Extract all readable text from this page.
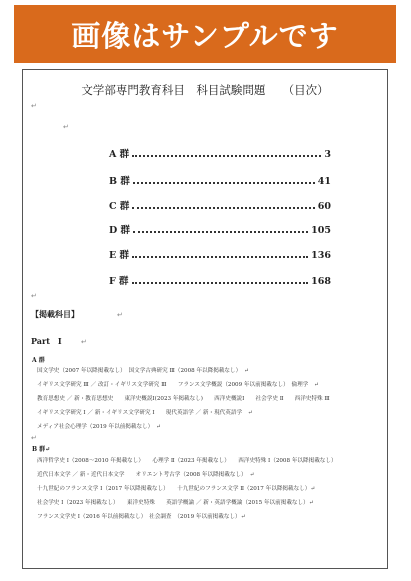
画像はサンプルです
文学部専門教育科目　科目試験問題　　（目次）
↵
↵
A 群	3
B 群	41
C 群	60
D 群	105
E 群	136
F 群	168
↵
【掲載科目】	↵
Part　I	↵
A 群
国文学史（2007 年以降掲載なし）　国文学古典研究 Ⅲ（2008 年以降掲載なし）　↵
イギリス文学研究 Ⅲ ／ 改訂・イギリス文学研究 Ⅲ　　フランス文学概説（2009 年以前掲載なし）　倫理学　↵
教育思想史 ／ 新・教育思想史　　東洋史概説Ⅰ(2023 年掲載なし)　　西洋史概説Ⅰ　　社会学史 Ⅱ　　西洋史特殊 Ⅲ
イギリス文学研究 Ⅰ ／ 新・イギリス文学研究 Ⅰ　　現代英語学 ／ 新・現代英語学　↵
メディア社会心理学（2019 年以前掲載なし）　↵
↵
B 群↵
西洋哲学史 Ⅰ（2008～2010 年掲載なし）　　心理学 Ⅱ（2023 年掲載なし）　　西洋史特殊 Ⅰ（2008 年以降掲載なし）
近代日本文学 ／ 新・近代日本文学　　オリエント考古学（2008 年以降掲載なし）　↵
十九世紀のフランス文学 Ⅰ（2017 年以降掲載なし）　　十九世紀のフランス文学 Ⅱ（2017 年以降掲載なし）↵
社会学史 Ⅰ（2023 年掲載なし）　　東洋史特殊　　英語学概論 ／ 新・英語学概論（2015 年以前掲載なし）↵
フランス文学史 Ⅰ（2016 年以前掲載なし）　社会調査　（2019 年以前掲載なし）↵
